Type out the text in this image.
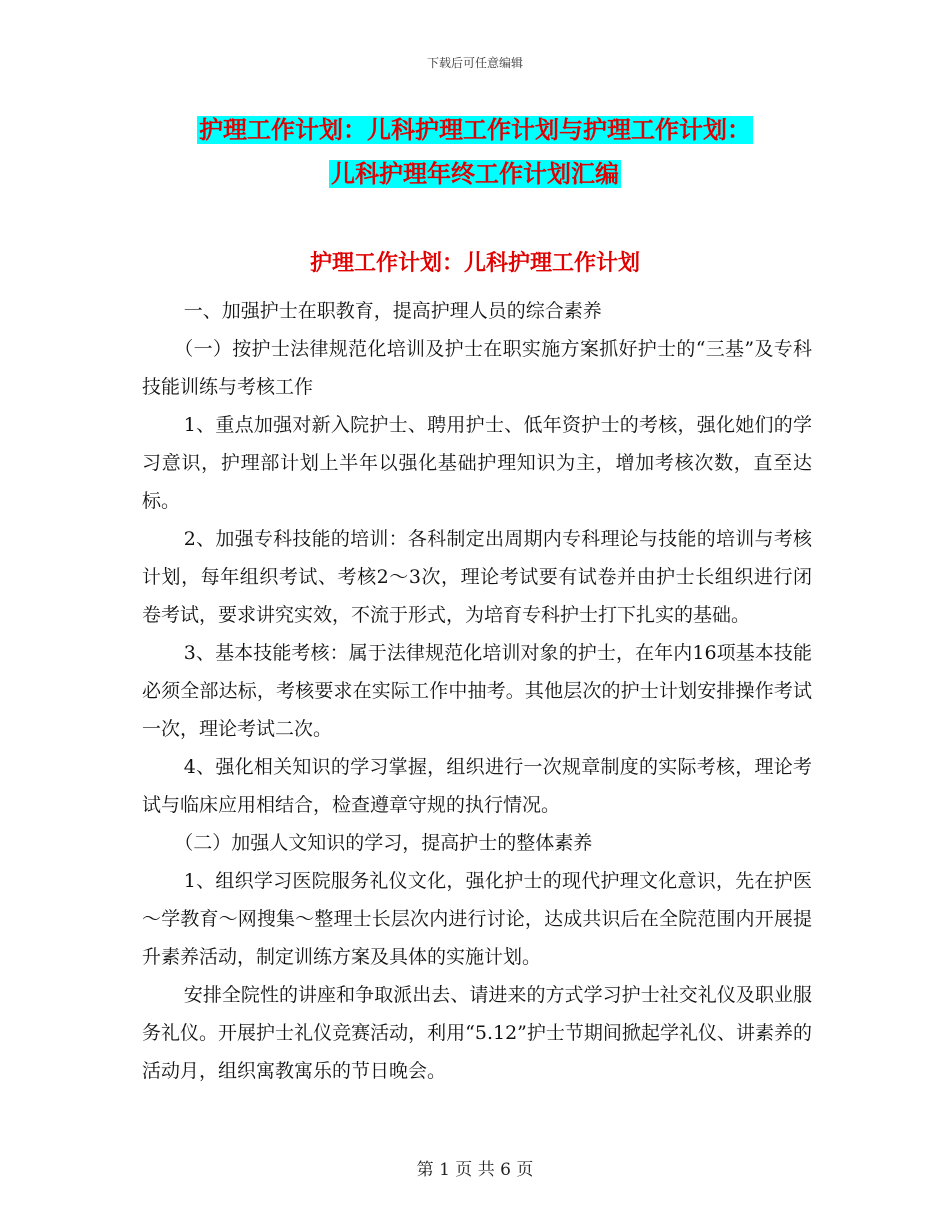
下载后可任意编辑
护理工作计划：儿科护理工作计划与护理工作计划：
儿科护理年终工作计划汇编
护理工作计划：儿科护理工作计划

一、加强护士在职教育，提高护理人员的综合素养

（一）按护士法律规范化培训及护士在职实施方案抓好护士的“三基”及专科技能训练与考核工作

1、重点加强对新入院护士、聘用护士、低年资护士的考核，强化她们的学习意识，护理部计划上半年以强化基础护理知识为主，增加考核次数，直至达标。

2、加强专科技能的培训：各科制定出周期内专科理论与技能的培训与考核计划，每年组织考试、考核2～3次，理论考试要有试卷并由护士长组织进行闭卷考试，要求讲究实效，不流于形式，为培育专科护士打下扎实的基础。

3、基本技能考核：属于法律规范化培训对象的护士，在年内16项基本技能必须全部达标，考核要求在实际工作中抽考。其他层次的护士计划安排操作考试一次，理论考试二次。

4、强化相关知识的学习掌握，组织进行一次规章制度的实际考核，理论考试与临床应用相结合，检查遵章守规的执行情况。

（二）加强人文知识的学习，提高护士的整体素养

1、组织学习医院服务礼仪文化，强化护士的现代护理文化意识，先在护医～学教育～网搜集～整理士长层次内进行讨论，达成共识后在全院范围内开展提升素养活动，制定训练方案及具体的实施计划。

安排全院性的讲座和争取派出去、请进来的方式学习护士社交礼仪及职业服务礼仪。开展护士礼仪竞赛活动，利用“5.12”护士节期间掀起学礼仪、讲素养的活动月，组织寓教寓乐的节日晚会。

第 1 页 共 6 页
